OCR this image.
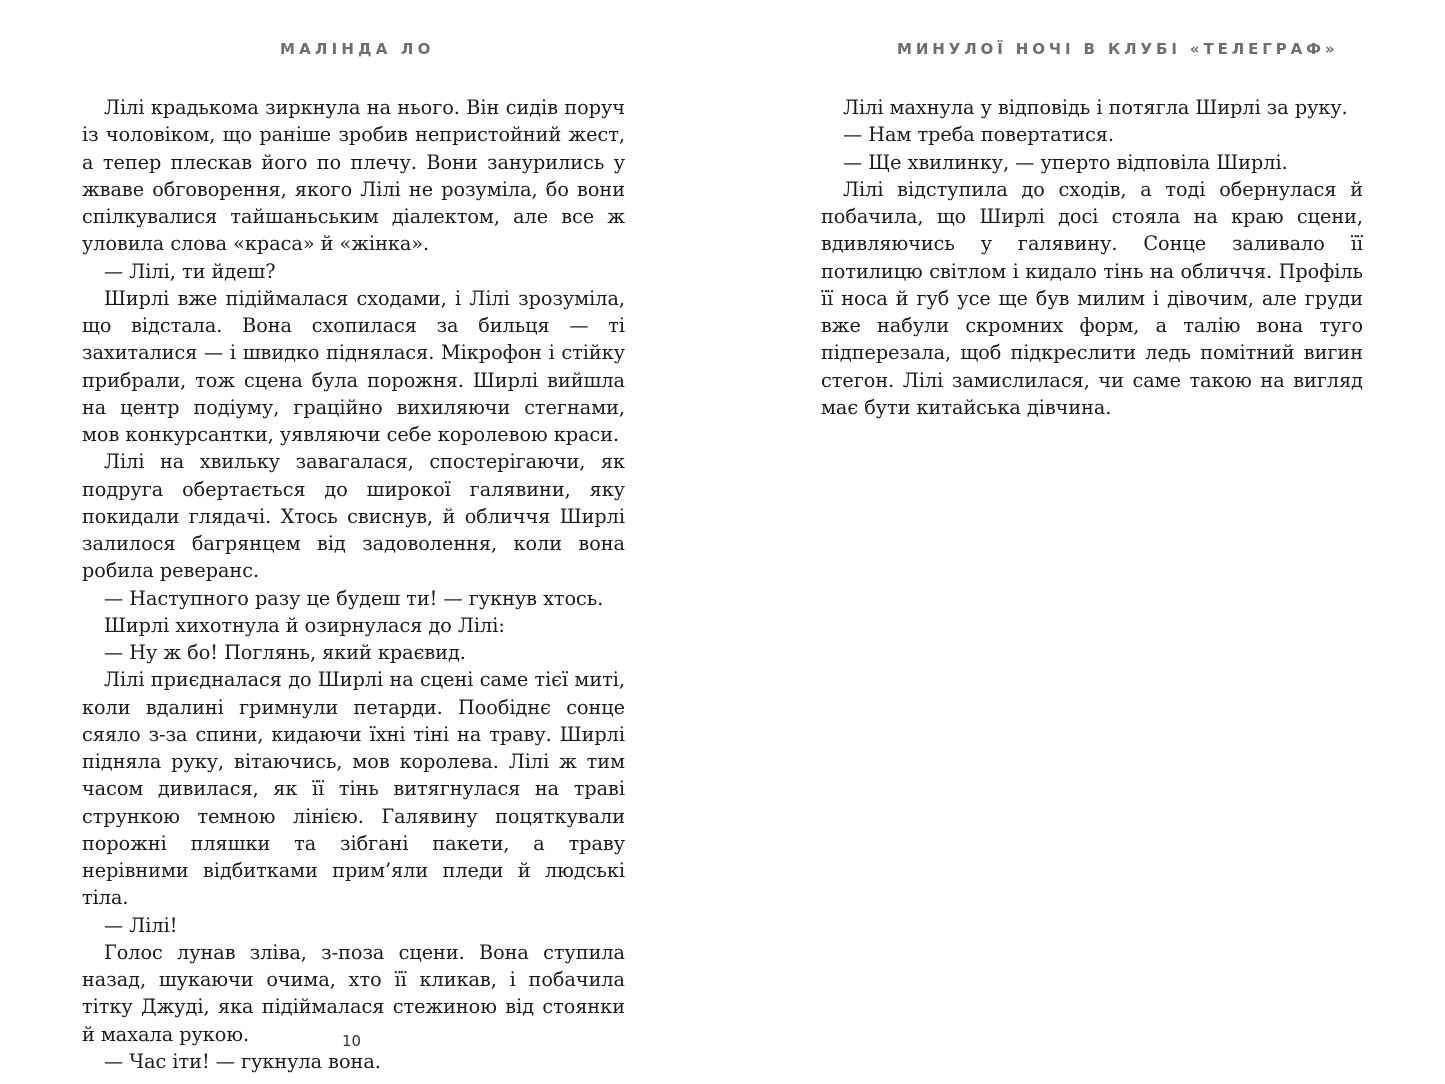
МАЛІНДА ЛО

Лілі крадькома зиркнула на нього. Він сидів поруч із чоловіком, що раніше зробив непристойний жест, а тепер плескав його по плечу. Вони занурились у жваве обговорення, якого Лілі не розуміла, бо вони спілкувалися тайшаньським діалектом, але все ж уловила слова «краса» й «жінка».

— Лілі, ти йдеш?

Ширлі вже підіймалася сходами, і Лілі зрозуміла, що відстала. Вона схопилася за бильця — ті захиталися — і швидко піднялася. Мікрофон і стійку прибрали, тож сцена була порожня. Ширлі вийшла на центр подіуму, граційно вихиляючи стегнами, мов конкурсантки, уявляючи себе королевою краси.

Лілі на хвильку завагалася, спостерігаючи, як подруга обертається до широкої галявини, яку покидали глядачі. Хтось свиснув, й обличчя Ширлі залилося багрянцем від задоволення, коли вона робила реверанс.

— Наступного разу це будеш ти! — гукнув хтось.

Ширлі хихотнула й озирнулася до Лілі:

— Ну ж бо! Поглянь, який краєвид.

Лілі приєдналася до Ширлі на сцені саме тієї миті, коли вдалині гримнули петарди. Пообіднє сонце сяяло з-за спини, кидаючи їхні тіні на траву. Ширлі підняла руку, вітаючись, мов королева. Лілі ж тим часом дивилася, як її тінь витягнулася на траві стрункою темною лінією. Галявину поцяткували порожні пляшки та зібгані пакети, а траву нерівними відбитками прим’яли пледи й людські тіла.

— Лілі!

Голос лунав зліва, з-поза сцени. Вона ступила назад, шукаючи очима, хто її кликав, і побачила тітку Джуді, яка підіймалася стежиною від стоянки й махала рукою.

— Час іти! — гукнула вона.

10
МИНУЛОЇ НОЧІ В КЛУБІ «ТЕЛЕГРАФ»

Лілі махнула у відповідь і потягла Ширлі за руку.

— Нам треба повертатися.

— Ще хвилинку, — уперто відповіла Ширлі.

Лілі відступила до сходів, а тоді обернулася й побачила, що Ширлі досі стояла на краю сцени, вдивляючись у галявину. Сонце заливало її потилицю світлом і кидало тінь на обличчя. Профіль її носа й губ усе ще був милим і дівочим, але груди вже набули скромних форм, а талію вона туго підперезала, щоб підкреслити ледь помітний вигин стегон. Лілі замислилася, чи саме такою на вигляд має бути китайська дівчина.
